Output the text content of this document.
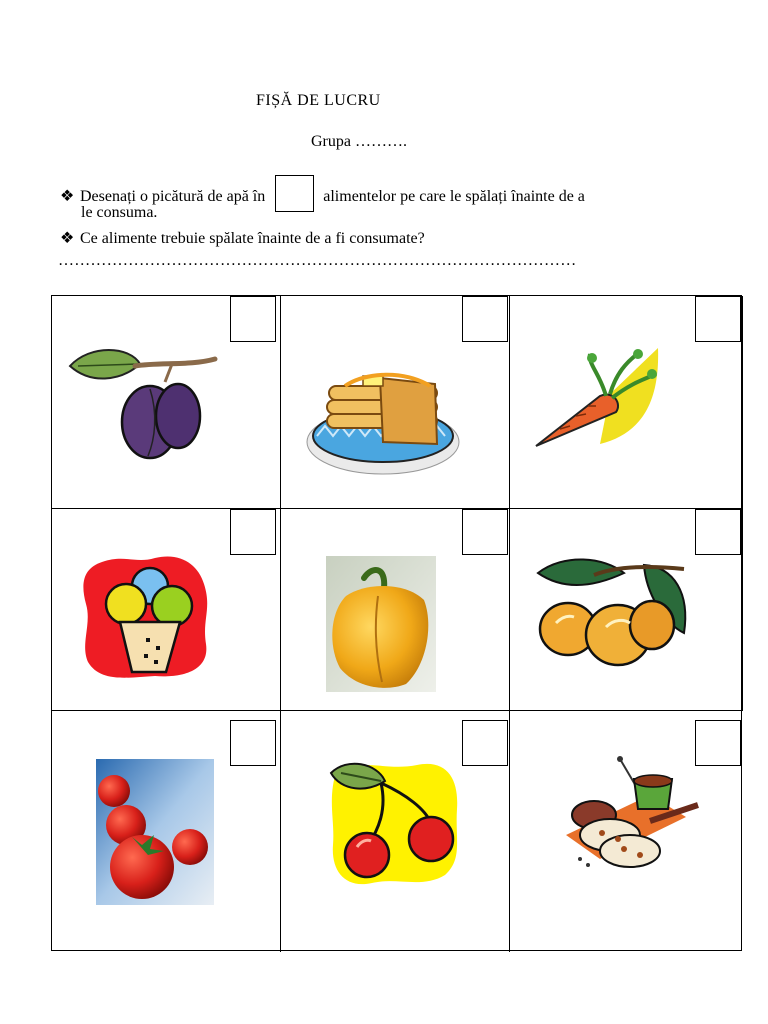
FIȘĂ DE LUCRU
Grupa ……….
❖ Desenați o picătură de apă în	alimentelor pe care le spălați înainte de a
le consuma.
❖ Ce alimente trebuie spălate înainte de a fi consumate?
……………………………………………………………………………………
